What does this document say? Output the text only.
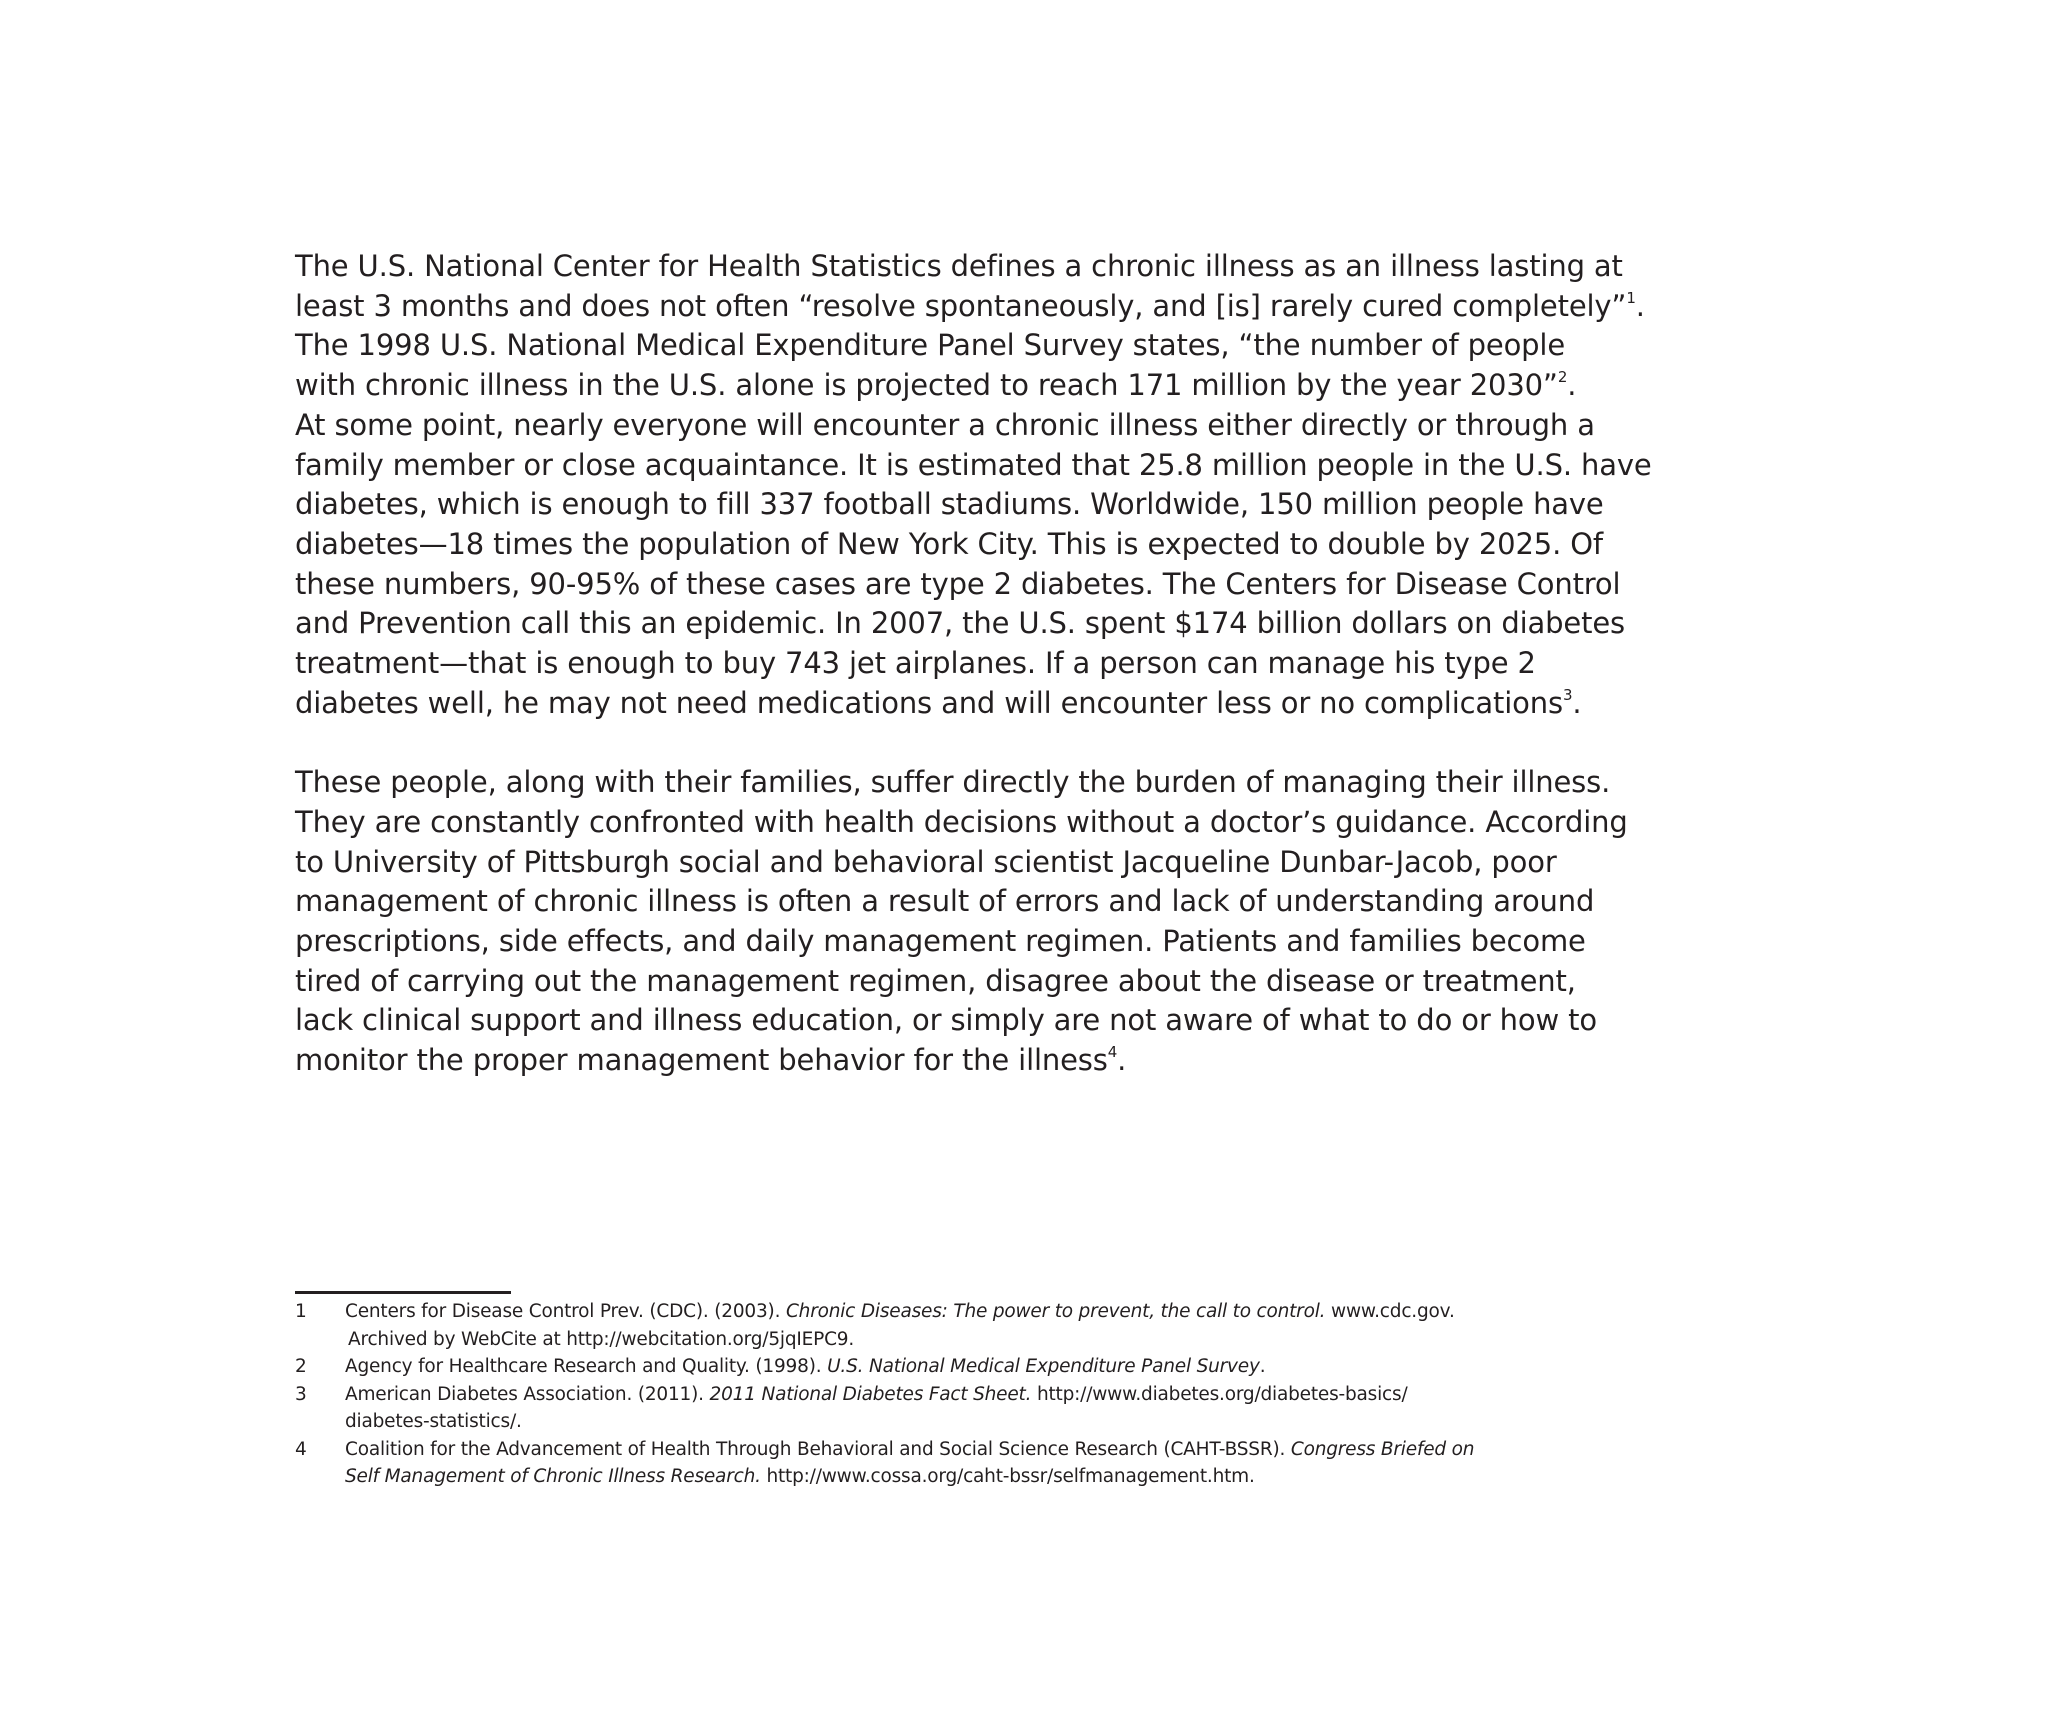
The U.S. National Center for Health Statistics defines a chronic illness as an illness lasting at

least 3 months and does not often “resolve spontaneously, and [is] rarely cured completely”$^1$.

The 1998 U.S. National Medical Expenditure Panel Survey states, “the number of people

with chronic illness in the U.S. alone is projected to reach 171 million by the year 2030”$^2$.

At some point, nearly everyone will encounter a chronic illness either directly or through a

family member or close acquaintance. It is estimated that 25.8 million people in the U.S. have

diabetes, which is enough to fill 337 football stadiums. Worldwide, 150 million people have

diabetes—18 times the population of New York City. This is expected to double by 2025. Of

these numbers, 90-95% of these cases are type 2 diabetes. The Centers for Disease Control

and Prevention call this an epidemic. In 2007, the U.S. spent $174 billion dollars on diabetes

treatment—that is enough to buy 743 jet airplanes. If a person can manage his type 2

diabetes well, he may not need medications and will encounter less or no complications$^3$.

These people, along with their families, suffer directly the burden of managing their illness.

They are constantly confronted with health decisions without a doctor’s guidance. According

to University of Pittsburgh social and behavioral scientist Jacqueline Dunbar-Jacob, poor

management of chronic illness is often a result of errors and lack of understanding around

prescriptions, side effects, and daily management regimen. Patients and families become

tired of carrying out the management regimen, disagree about the disease or treatment,

lack clinical support and illness education, or simply are not aware of what to do or how to

monitor the proper management behavior for the illness$^4$.

1	Centers for Disease Control Prev. (CDC). (2003). Chronic Diseases: The power to prevent, the call to control. www.cdc.gov.
Archived by WebCite at http://webcitation.org/5jqIEPC9.
2	Agency for Healthcare Research and Quality. (1998). U.S. National Medical Expenditure Panel Survey.
3	American Diabetes Association. (2011). 2011 National Diabetes Fact Sheet. http://www.diabetes.org/diabetes-basics/
diabetes-statistics/.
4	Coalition for the Advancement of Health Through Behavioral and Social Science Research (CAHT-BSSR). Congress Briefed on
Self Management of Chronic Illness Research. http://www.cossa.org/caht-bssr/selfmanagement.htm.
